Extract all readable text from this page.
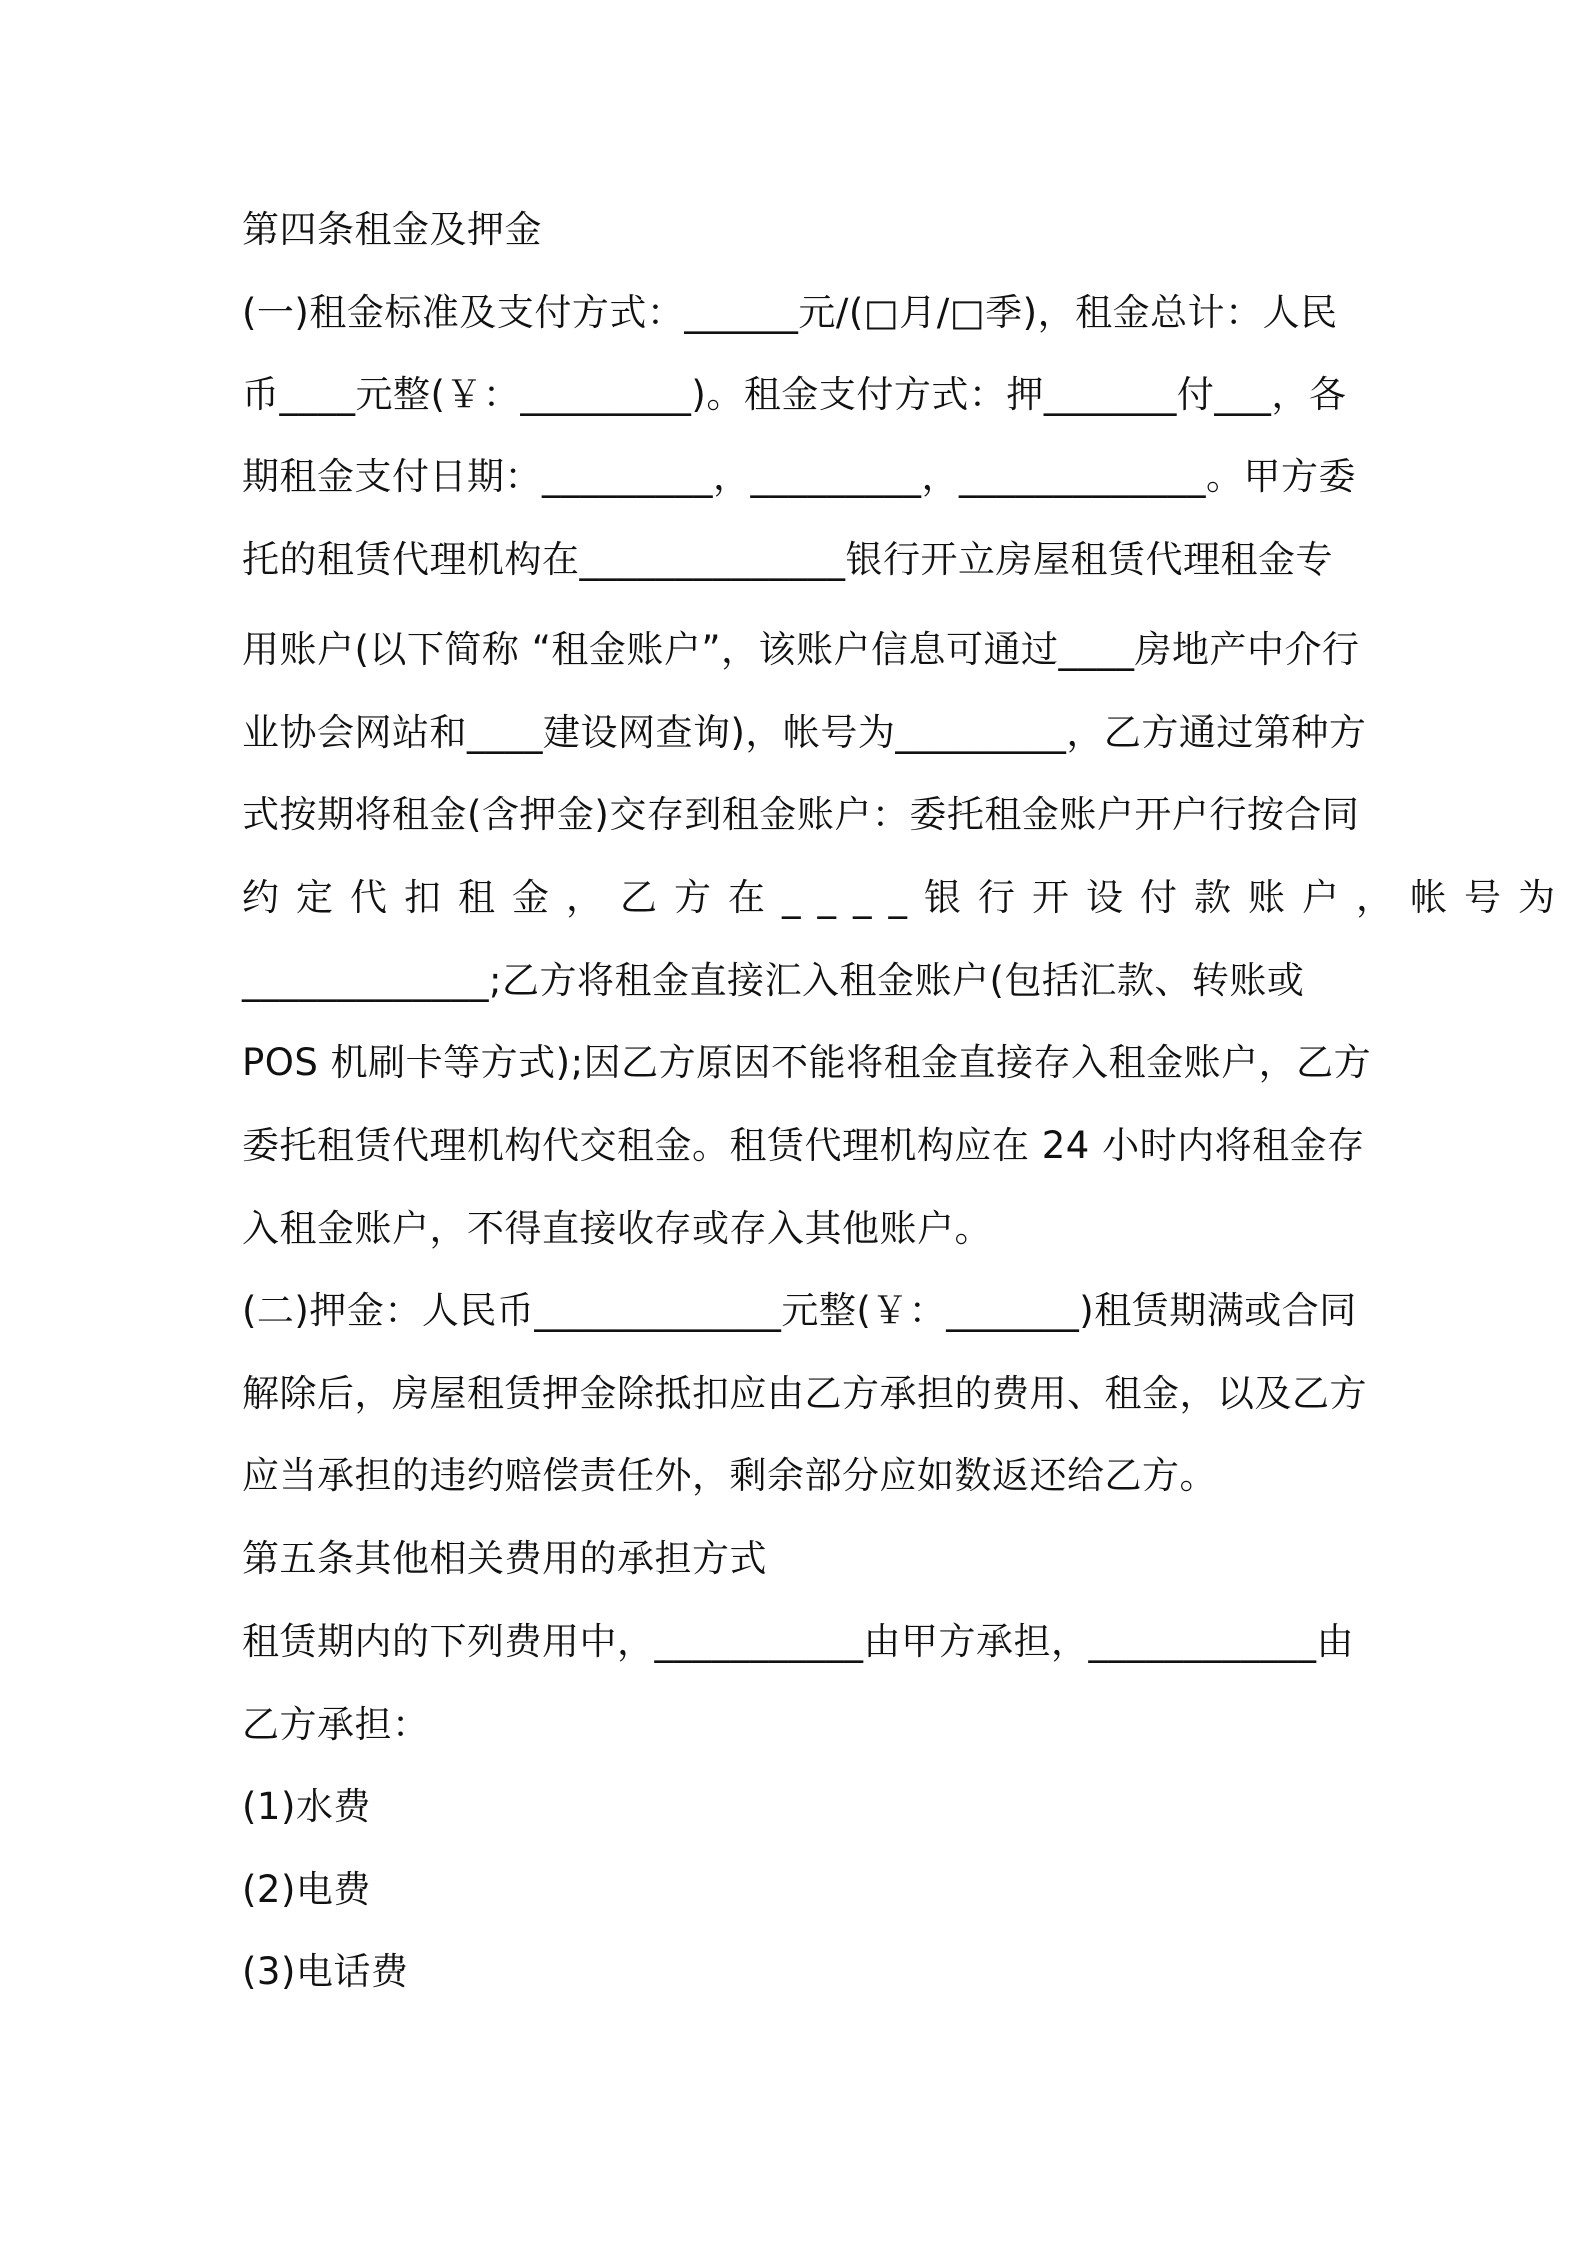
第四条租金及押金
(一)租金标准及支付方式：______元/(□月/□季)，租金总计：人民
币____元整(￥：_________)。租金支付方式：押_______付___，各
期租金支付日期：_________，_________，_____________。甲方委
托的租赁代理机构在______________银行开立房屋租赁代理租金专
用账户(以下简称 “租金账户”，该账户信息可通过____房地产中介行
业协会网站和____建设网查询)，帐号为_________，乙方通过第种方
式按期将租金(含押金)交存到租金账户：委托租金账户开户行按合同
约定代扣租金，乙方在____银行开设付款账户，帐号为
_____________;乙方将租金直接汇入租金账户(包括汇款、转账或
POS 机刷卡等方式);因乙方原因不能将租金直接存入租金账户，乙方
委托租赁代理机构代交租金。租赁代理机构应在 24 小时内将租金存
入租金账户，不得直接收存或存入其他账户。
(二)押金：人民币_____________元整(￥：_______)租赁期满或合同
解除后，房屋租赁押金除抵扣应由乙方承担的费用、租金，以及乙方
应当承担的违约赔偿责任外，剩余部分应如数返还给乙方。
第五条其他相关费用的承担方式
租赁期内的下列费用中，___________由甲方承担，____________由
乙方承担：
(1)水费
(2)电费
(3)电话费
